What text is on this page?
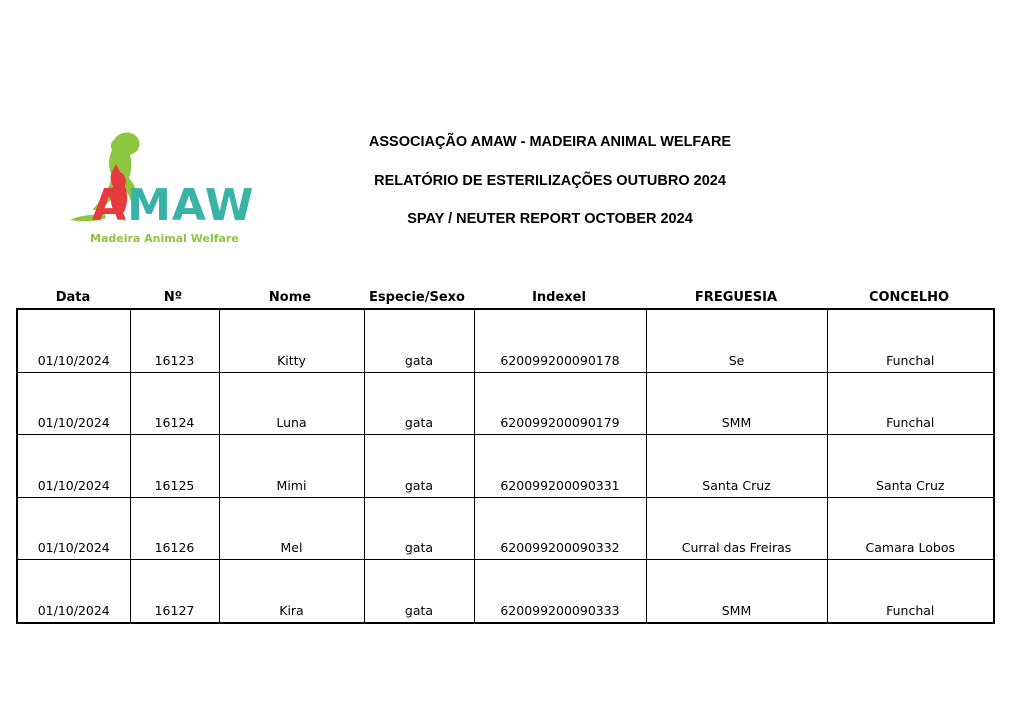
AMAW
Madeira Animal Welfare
ASSOCIAÇÃO AMAW - MADEIRA ANIMAL WELFARE
RELATÓRIO DE ESTERILIZAÇÕES OUTUBRO 2024
SPAY / NEUTER REPORT OCTOBER 2024
Data	Nº	Nome	Especie/Sexo	Indexel	FREGUESIA	CONCELHO
01/10/2024	16123	Kitty	gata	620099200090178	Se	Funchal
01/10/2024	16124	Luna	gata	620099200090179	SMM	Funchal
01/10/2024	16125	Mimi	gata	620099200090331	Santa Cruz	Santa Cruz
01/10/2024	16126	Mel	gata	620099200090332	Curral das Freiras	Camara Lobos
01/10/2024	16127	Kira	gata	620099200090333	SMM	Funchal
